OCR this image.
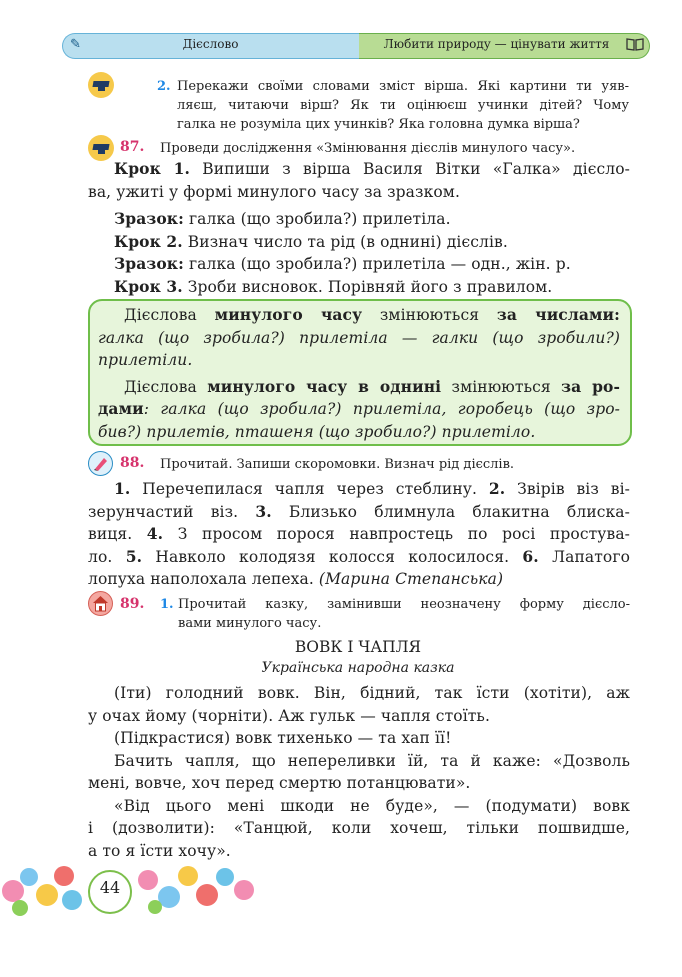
✎	Дієслово	Любити природу — цінувати життя
2. Перекажи своїми словами зміст вірша. Які картини ти уяв-
ляєш, читаючи вірш? Як ти оцінюєш учинки дітей? Чому
галка не розуміла цих учинків? Яка головна думка вірша?
87. Проведи дослідження «Змінювання дієслів минулого часу».
Крок 1. Випиши з вірша Василя Вітки «Галка» дієсло-
ва, ужиті у формі минулого часу за зразком.
Зразок: галка (що зробила?) прилетіла.
Крок 2. Визнач число та рід (в однині) дієслів.
Зразок: галка (що зробила?) прилетіла — одн., жін. р.
Крок 3. Зроби висновок. Порівняй його з правилом.
Дієслова минулого часу змінюються за числами:
галка (що зробила?) прилетіла — галки (що зробили?)
прилетіли.
Дієслова минулого часу в однині змінюються за ро-
дами: галка (що зробила?) прилетіла, горобець (що зро-
бив?) прилетів, пташеня (що зробило?) прилетіло.
88. Прочитай. Запиши скоромовки. Визнач рід дієслів.
1. Перечепилася чапля через стеблину. 2. Звірів віз ві-
зерунчастий віз. 3. Близько блимнула блакитна блиска-
виця. 4. З просом порося навпростець по росі простува-
ло. 5. Навколо колодязя колосся колосилося. 6. Лапатого
лопуха наполохала лепеха. (Марина Степанська)
89. 1. Прочитай казку, замінивши неозначену форму дієсло-
вами минулого часу.
ВОВК І ЧАПЛЯ
Українська народна казка
(Іти) голодний вовк. Він, бідний, так їсти (хотіти), аж
у очах йому (чорніти). Аж гульк — чапля стоїть.
(Підкрастися) вовк тихенько — та хап її!
Бачить чапля, що непереливки їй, та й каже: «Дозволь
мені, вовче, хоч перед смертю потанцювати».
«Від цього мені шкоди не буде», — (подумати) вовк
і (дозволити): «Танцюй, коли хочеш, тільки пошвидше,
а то я їсти хочу».
44
